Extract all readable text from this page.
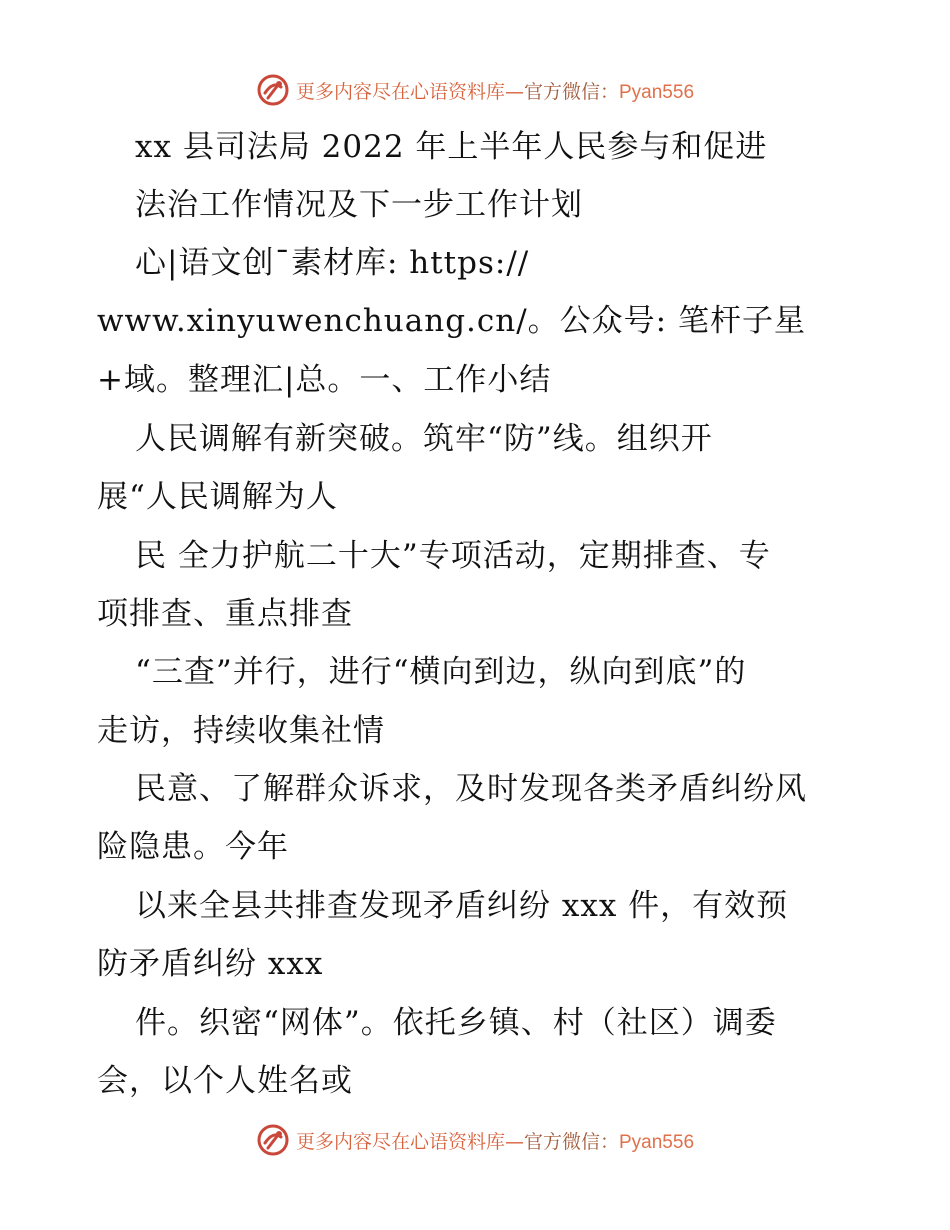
更多内容尽在心语资料库—官方微信：Pyan556
xx 县司法局 2022 年上半年人民参与和促进
法治工作情况及下一步工作计划
心|语文创¯素材库: https://
www.xinyuwenchuang.cn/。公众号: 笔杆子星
+域。整理汇|总。一、工作小结
人民调解有新突破。筑牢“防”线。组织开
展“人民调解为人
民 全力护航二十大”专项活动，定期排查、专
项排查、重点排查
“三查”并行，进行“横向到边，纵向到底”的
走访，持续收集社情
民意、了解群众诉求，及时发现各类矛盾纠纷风
险隐患。今年
以来全县共排查发现矛盾纠纷 xxx 件，有效预
防矛盾纠纷 xxx
件。织密“网体”。依托乡镇、村（社区）调委
会，以个人姓名或
更多内容尽在心语资料库—官方微信：Pyan556
